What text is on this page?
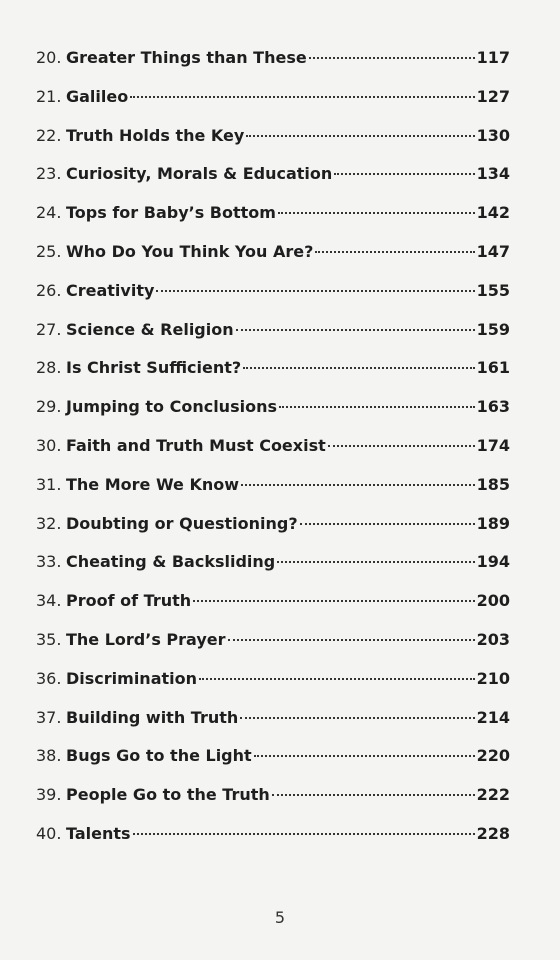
20. Greater Things than These	117
21. Galileo	127
22. Truth Holds the Key	130
23. Curiosity, Morals & Education	134
24. Tops for Baby’s Bottom	142
25. Who Do You Think You Are?	147
26. Creativity	155
27. Science & Religion	159
28. Is Christ Sufficient?	161
29. Jumping to Conclusions	163
30. Faith and Truth Must Coexist	174
31. The More We Know	185
32. Doubting or Questioning?	189
33. Cheating & Backsliding	194
34. Proof of Truth	200
35. The Lord’s Prayer	203
36. Discrimination	210
37. Building with Truth	214
38. Bugs Go to the Light	220
39. People Go to the Truth	222
40. Talents	228
5
